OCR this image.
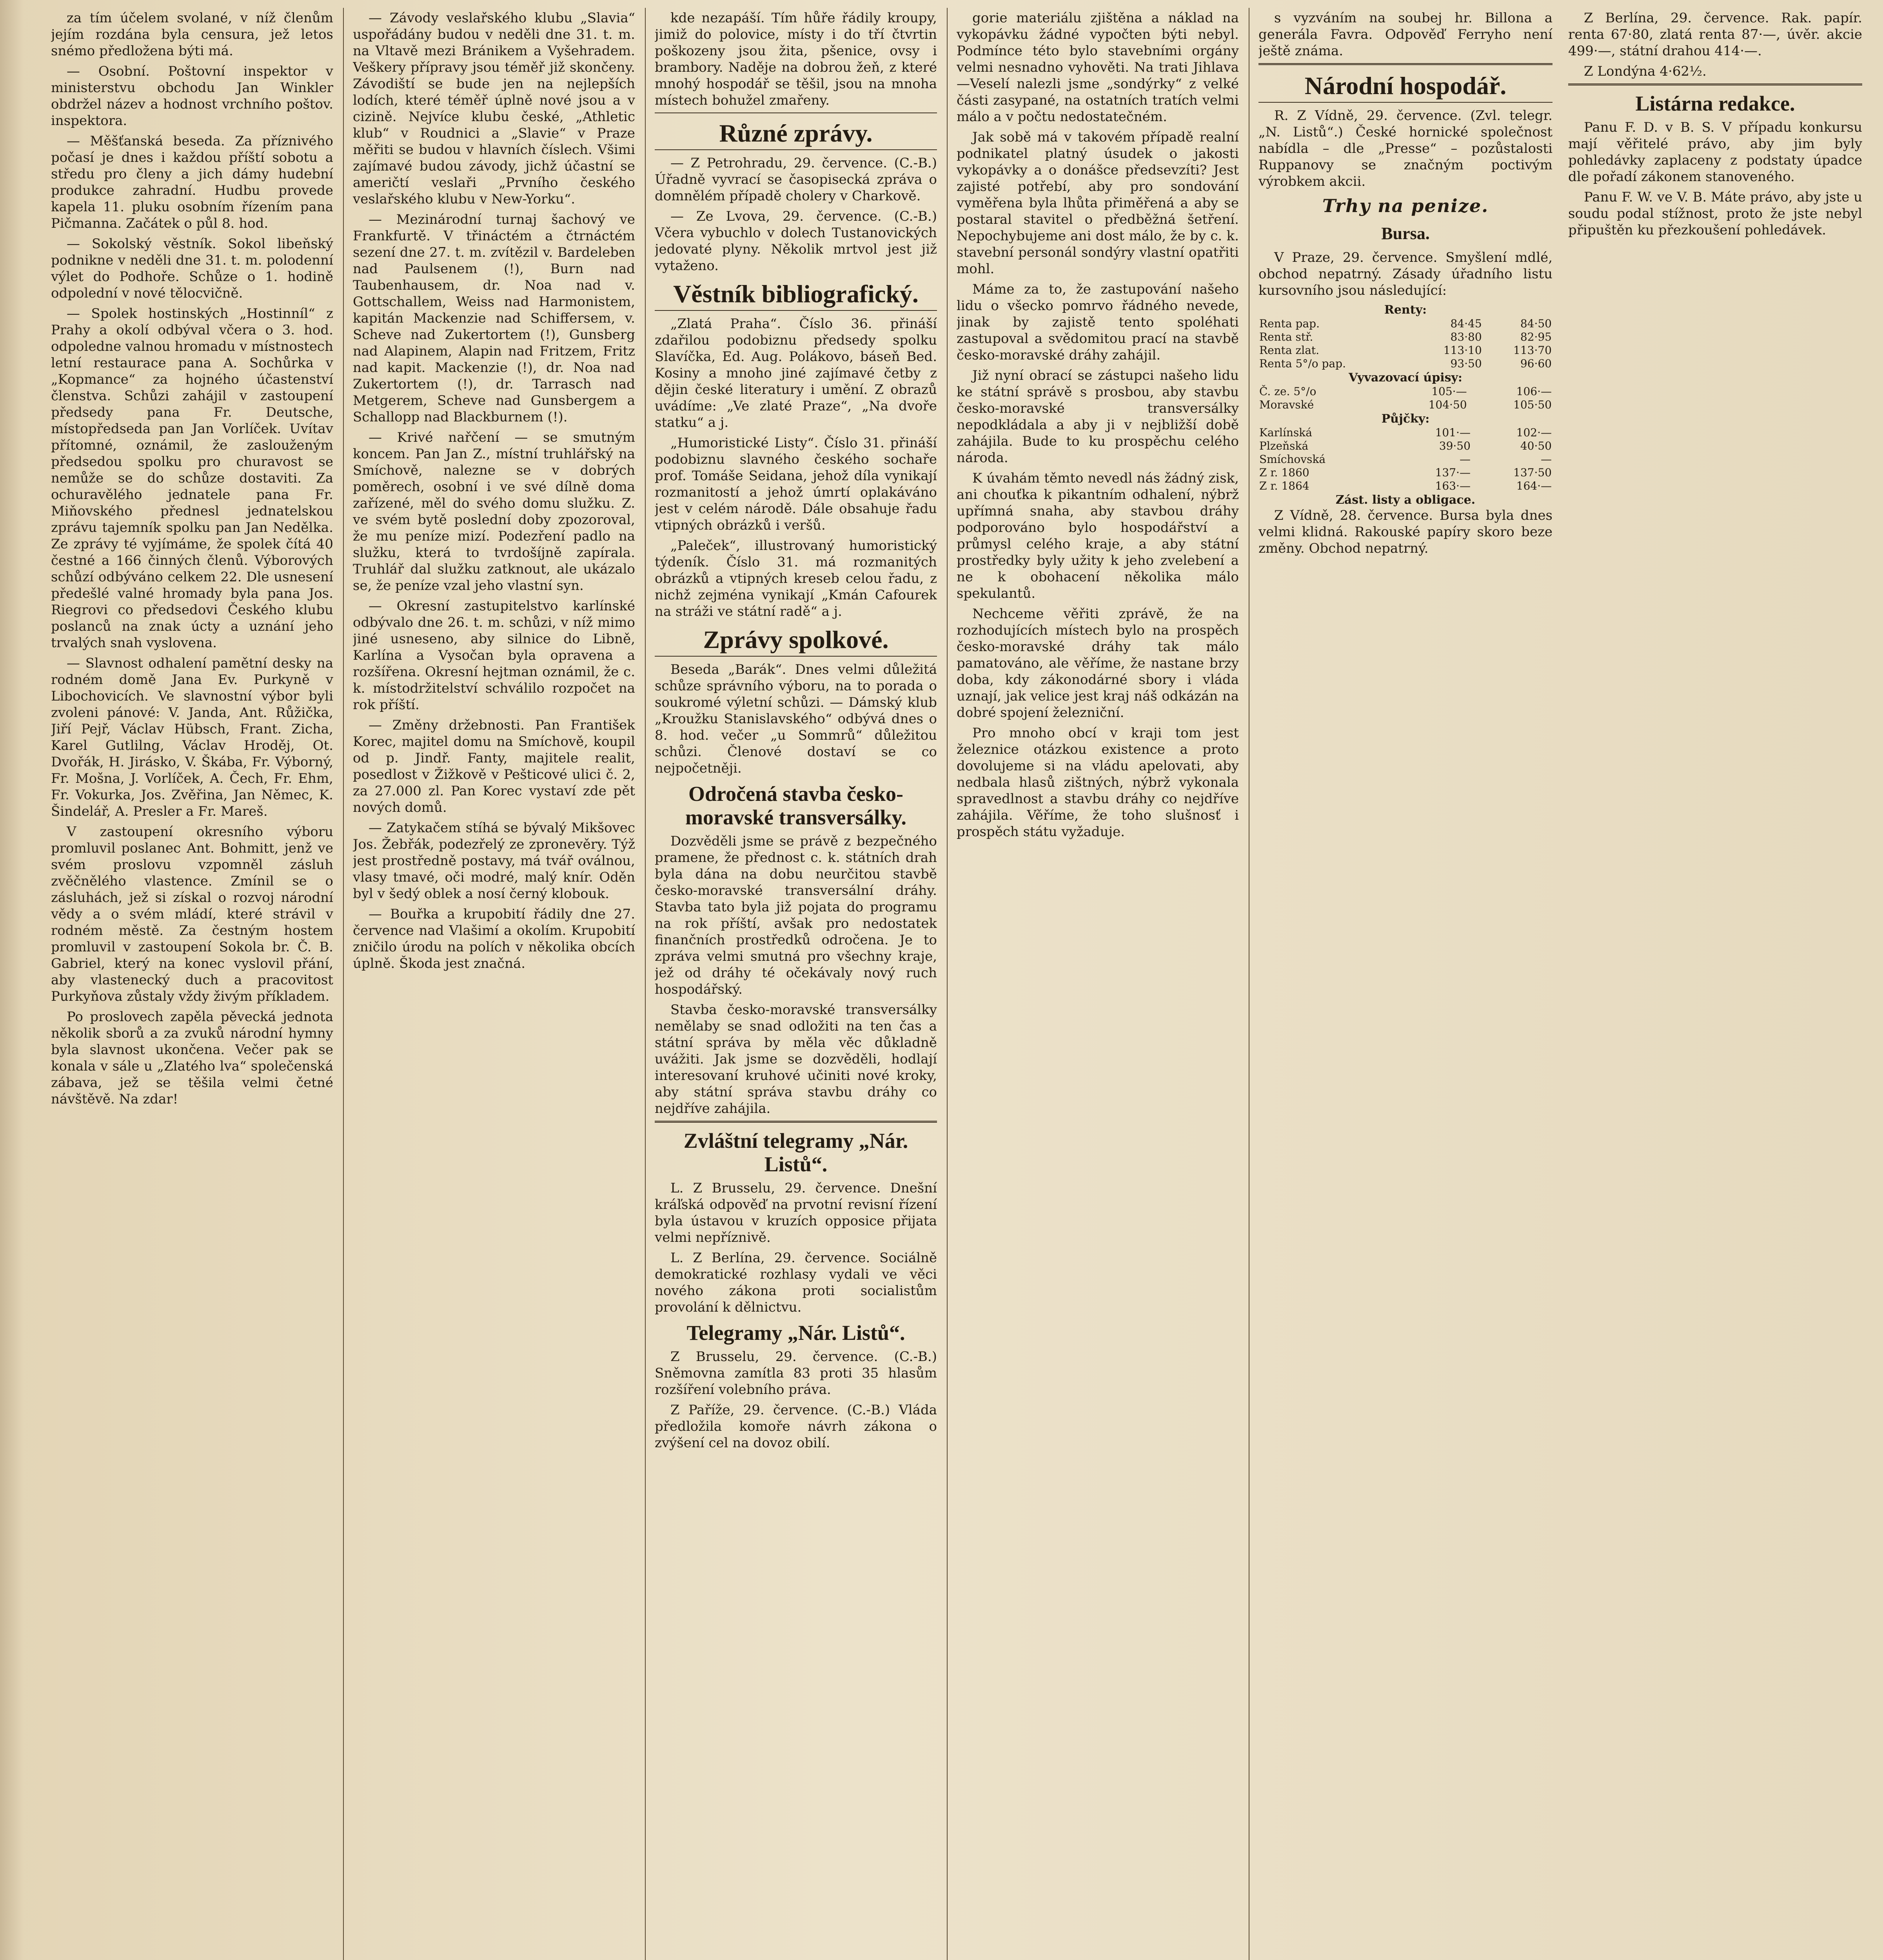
za tím účelem svolané, v níž členům jejím rozdána byla censura, jež letos snémo předložena býti má.

— Osobní. Poštovní inspektor v ministerstvu obchodu Jan Winkler obdržel název a hodnost vrchního poštov. inspektora.

— Měšťanská beseda. Za příznivého počasí je dnes i každou příští sobotu a středu pro členy a jich dámy hudební produkce zahradní. Hudbu provede kapela 11. pluku osobním řízením pana Pičmanna. Začátek o půl 8. hod.

— Sokolský věstník. Sokol libeňský podnikne v neděli dne 31. t. m. polodenní výlet do Podhoře. Schůze o 1. hodině odpolední v nové tělocvičně.

— Spolek hostinských „Hostinníl“ z Prahy a okolí odbýval včera o 3. hod. odpoledne valnou hromadu v místnostech letní restaurace pana A. Sochůrka v „Kopmance“ za hojného účastenství členstva. Schůzi zahájil v zastoupení předsedy pana Fr. Deutsche, místopředseda pan Jan Vorlíček. Uvítav přítomné, oznámil, že zaslouženým předsedou spolku pro churavost se nemůže se do schůze dostaviti. Za ochuravělého jednatele pana Fr. Miňovského přednesl jednatelskou zprávu tajemník spolku pan Jan Nedělka. Ze zprávy té vyjímáme, že spolek čítá 40 čestné a 166 činných členů. Výborových schůzí odbýváno celkem 22. Dle usnesení předešlé valné hromady byla pana Jos. Riegrovi co předsedovi Českého klubu poslanců na znak úcty a uznání jeho trvalých snah vyslovena.

— Slavnost odhalení pamětní desky na rodném domě Jana Ev. Purkyně v Libochovicích. Ve slavnostní výbor byli zvoleni pánové: V. Janda, Ant. Růžička, Jiří Pejř, Václav Hübsch, Frant. Zicha, Karel Gutlilng, Václav Hroděj, Ot. Dvořák, H. Jirásko, V. Škába, Fr. Výborný, Fr. Mošna, J. Vorlíček, A. Čech, Fr. Ehm, Fr. Vokurka, Jos. Zvěřina, Jan Němec, K. Šindelář, A. Presler a Fr. Mareš.

V zastoupení okresního výboru promluvil poslanec Ant. Bohmitt, jenž ve svém proslovu vzpomněl zásluh zvěčnělého vlastence. Zmínil se o zásluhách, jež si získal o rozvoj národní vědy a o svém mládí, které strávil v rodném městě. Za čestným hostem promluvil v zastoupení Sokola br. Č. B. Gabriel, který na konec vyslovil přání, aby vlastenecký duch a pracovitost Purkyňova zůstaly vždy živým příkladem.

Po proslovech zapěla pěvecká jednota několik sborů a za zvuků národní hymny byla slavnost ukončena. Večer pak se konala v sále u „Zlatého lva“ společenská zábava, jež se těšila velmi četné návštěvě. Na zdar!

— Závody veslařského klubu „Slavia“ uspořádány budou v neděli dne 31. t. m. na Vltavě mezi Bránikem a Vyšehradem. Veškery přípravy jsou téměř již skončeny. Závodiští se bude jen na nejlepších lodích, které téměř úplně nové jsou a v cizině. Nejvíce klubu české, „Athletic klub“ v Roudnici a „Slavie“ v Praze měřiti se budou v hlavních číslech. Všimi zajímavé budou závody, jichž účastní se američtí veslaři „Prvního českého veslařského klubu v New-Yorku“.

— Mezinárodní turnaj šachový ve Frankfurtě. V třináctém a čtrnáctém sezení dne 27. t. m. zvítězil v. Bardeleben nad Paulsenem (!), Burn nad Taubenhausem, dr. Noa nad v. Gottschallem, Weiss nad Harmonistem, kapitán Mackenzie nad Schiffersem, v. Scheve nad Zukertortem (!), Gunsberg nad Alapinem, Alapin nad Fritzem, Fritz nad kapit. Mackenzie (!), dr. Noa nad Zukertortem (!), dr. Tarrasch nad Metgerem, Scheve nad Gunsbergem a Schallopp nad Blackburnem (!).

— Krivé nařčení — se smutným koncem. Pan Jan Z., místní truhlářský na Smíchově, nalezne se v dobrých poměrech, osobní i ve své dílně doma zařízené, měl do svého domu služku. Z. ve svém bytě poslední doby zpozoroval, že mu peníze mizí. Podezření padlo na služku, která to tvrdošíjně zapírala. Truhlář dal služku zatknout, ale ukázalo se, že peníze vzal jeho vlastní syn.

— Okresní zastupitelstvo karlínské odbývalo dne 26. t. m. schůzi, v níž mimo jiné usneseno, aby silnice do Libně, Karlína a Vysočan byla opravena a rozšířena. Okresní hejtman oznámil, že c. k. místodržitelství schválilo rozpočet na rok příští.

— Změny držebnosti. Pan František Korec, majitel domu na Smíchově, koupil od p. Jindř. Fanty, majitele realit, posedlost v Žižkově v Pešticové ulici č. 2, za 27.000 zl. Pan Korec vystaví zde pět nových domů.

— Zatykačem stíhá se bývalý Mikšovec Jos. Žebřák, podezřelý ze zpronevěry. Týž jest prostředně postavy, má tvář oválnou, vlasy tmavé, oči modré, malý knír. Oděn byl v šedý oblek a nosí černý klobouk.

— Bouřka a krupobití řádily dne 27. července nad Vlašimí a okolím. Krupobití zničilo úrodu na polích v několika obcích úplně. Škoda jest značná.

kde nezapáší. Tím hůře řádily kroupy, jimiž do polovice, místy i do tří čtvrtin poškozeny jsou žita, pšenice, ovsy i brambory. Naděje na dobrou žeň, z které mnohý hospodář se těšil, jsou na mnoha místech bohužel zmařeny.

Různé zprávy.

— Z Petrohradu, 29. července. (C.-B.) Úřadně vyvrací se časopisecká zpráva o domnělém případě cholery v Charkově.

— Ze Lvova, 29. července. (C.-B.) Včera vybuchlo v dolech Tustanovických jedovaté plyny. Několik mrtvol jest již vytaženo.

Věstník bibliografický.

„Zlatá Praha“. Číslo 36. přináší zdařilou podobiznu předsedy spolku Slavíčka, Ed. Aug. Polákovo, báseň Bed. Kosiny a mnoho jiné zajímavé četby z dějin české literatury i umění. Z obrazů uvádíme: „Ve zlaté Praze“, „Na dvoře statku“ a j.

„Humoristické Listy“. Číslo 31. přináší podobiznu slavného českého sochaře prof. Tomáše Seidana, jehož díla vynikají rozmanitostí a jehož úmrtí oplakáváno jest v celém národě. Dále obsahuje řadu vtipných obrázků i veršů.

„Paleček“, illustrovaný humoristický týdeník. Číslo 31. má rozmanitých obrázků a vtipných kreseb celou řadu, z nichž zejména vynikají „Kmán Cafourek na stráži ve státní radě“ a j.

Zprávy spolkové.

Beseda „Barák“. Dnes velmi důležitá schůze správního výboru, na to porada o soukromé výletní schůzi. — Dámský klub „Kroužku Stanislavského“ odbývá dnes o 8. hod. večer „u Sommrů“ důležitou schůzi. Členové dostaví se co nejpočetněji.

Odročená stavba česko-moravské transversálky.

Dozvěděli jsme se právě z bezpečného pramene, že přednost c. k. státních drah byla dána na dobu neurčitou stavbě česko-moravské transversální dráhy. Stavba tato byla již pojata do programu na rok příští, avšak pro nedostatek finančních prostředků odročena. Je to zpráva velmi smutná pro všechny kraje, jež od dráhy té očekávaly nový ruch hospodářský.

Stavba česko-moravské transversálky nemělaby se snad odložiti na ten čas a státní správa by měla věc důkladně uvážiti. Jak jsme se dozvěděli, hodlají interesovaní kruhové učiniti nové kroky, aby státní správa stavbu dráhy co nejdříve zahájila.

Zvláštní telegramy „Nár. Listů“.

L. Z Brusselu, 29. července. Dnešní kráľská odpověď na prvotní revisní řízení byla ústavou v kruzích opposice přijata velmi nepříznivě.

L. Z Berlína, 29. července. Sociálně demokratické rozhlasy vydali ve věci nového zákona proti socialistům provolání k dělnictvu.

Telegramy „Nár. Listů“.

Z Brusselu, 29. července. (C.-B.) Sněmovna zamítla 83 proti 35 hlasům rozšíření volebního práva.

Z Paříže, 29. července. (C.-B.) Vláda předložila komoře návrh zákona o zvýšení cel na dovoz obilí.

gorie materiálu zjištěna a náklad na vykopávku žádné vypočten býti nebyl. Podmínce této bylo stavebními orgány velmi nesnadno vyhověti. Na trati Jihlava—Veselí nalezli jsme „sondýrky“ z velké části zasypané, na ostatních tratích velmi málo a v počtu nedostatečném.

Jak sobě má v takovém případě realní podnikatel platný úsudek o jakosti vykopávky a o donášce předsevzíti? Jest zajisté potřebí, aby pro sondování vyměřena byla lhůta přiměřená a aby se postaral stavitel o předběžná šetření. Nepochybujeme ani dost málo, že by c. k. stavební personál sondýry vlastní opatřiti mohl.

Máme za to, že zastupování našeho lidu o všecko pomrvo řádného nevede, jinak by zajistě tento spoléhati zastupoval a svědomitou prací na stavbě česko-moravské dráhy zahájil.

Již nyní obrací se zástupci našeho lidu ke státní správě s prosbou, aby stavbu česko-moravské transversálky nepodkládala a aby ji v nejbližší době zahájila. Bude to ku prospěchu celého národa.

K úvahám těmto nevedl nás žádný zisk, ani chouťka k pikantním odhalení, nýbrž upřímná snaha, aby stavbou dráhy podporováno bylo hospodářství a průmysl celého kraje, a aby státní prostředky byly užity k jeho zvelebení a ne k obohacení několika málo spekulantů.

Nechceme věřiti zprávě, že na rozhodujících místech bylo na prospěch česko-moravské dráhy tak málo pamatováno, ale věříme, že nastane brzy doba, kdy zákonodárné sbory i vláda uznají, jak velice jest kraj náš odkázán na dobré spojení železniční.

Pro mnoho obcí v kraji tom jest železnice otázkou existence a proto dovolujeme si na vládu apelovati, aby nedbala hlasů zištných, nýbrž vykonala spravedlnost a stavbu dráhy co nejdříve zahájila. Věříme, že toho slušnosť i prospěch státu vyžaduje.

s vyzváním na soubej hr. Billona a generála Favra. Odpověď Ferryho není ještě známa.

Národní hospodář.

R. Z Vídně, 29. července. (Zvl. telegr. „N. Listů“.) České hornické společnost nabídla – dle „Presse“ – pozůstalosti Ruppanovy se značným poctivým výrobkem akcii.

Trhy na penize.
Bursa.

V Praze, 29. července. Smyšlení mdlé, obchod nepatrný. Zásady úřadního listu kursovního jsou následující:

Renty:
Renta pap.	84·45	84·50
Renta stř.	83·80	82·95
Renta zlat.	113·10	113·70
Renta 5°/o pap.	93·50	96·60
Vyvazovací úpisy:
Č. ze. 5°/o	105·—	106·—
Moravské	104·50	105·50
Půjčky:
Karlínská	101·—	102·—
Plzeňská	39·50	40·50
Smíchovská	—	—
Z r. 1860	137·—	137·50
Z r. 1864	163·—	164·—
Zást. listy a obligace.

Z Vídně, 28. července. Bursa byla dnes velmi klidná. Rakouské papíry skoro beze změny. Obchod nepatrný.

Z Berlína, 29. července. Rak. papír. renta 67·80, zlatá renta 87·—, úvěr. akcie 499·—, státní drahou 414·—.

Z Londýna 4·62½.

Listárna redakce.

Panu F. D. v B. S. V případu konkursu mají věřitelé právo, aby jim byly pohledávky zaplaceny z podstaty úpadce dle pořadí zákonem stanoveného.

Panu F. W. ve V. B. Máte právo, aby jste u soudu podal stížnost, proto že jste nebyl připuštěn ku přezkoušení pohledávek.
